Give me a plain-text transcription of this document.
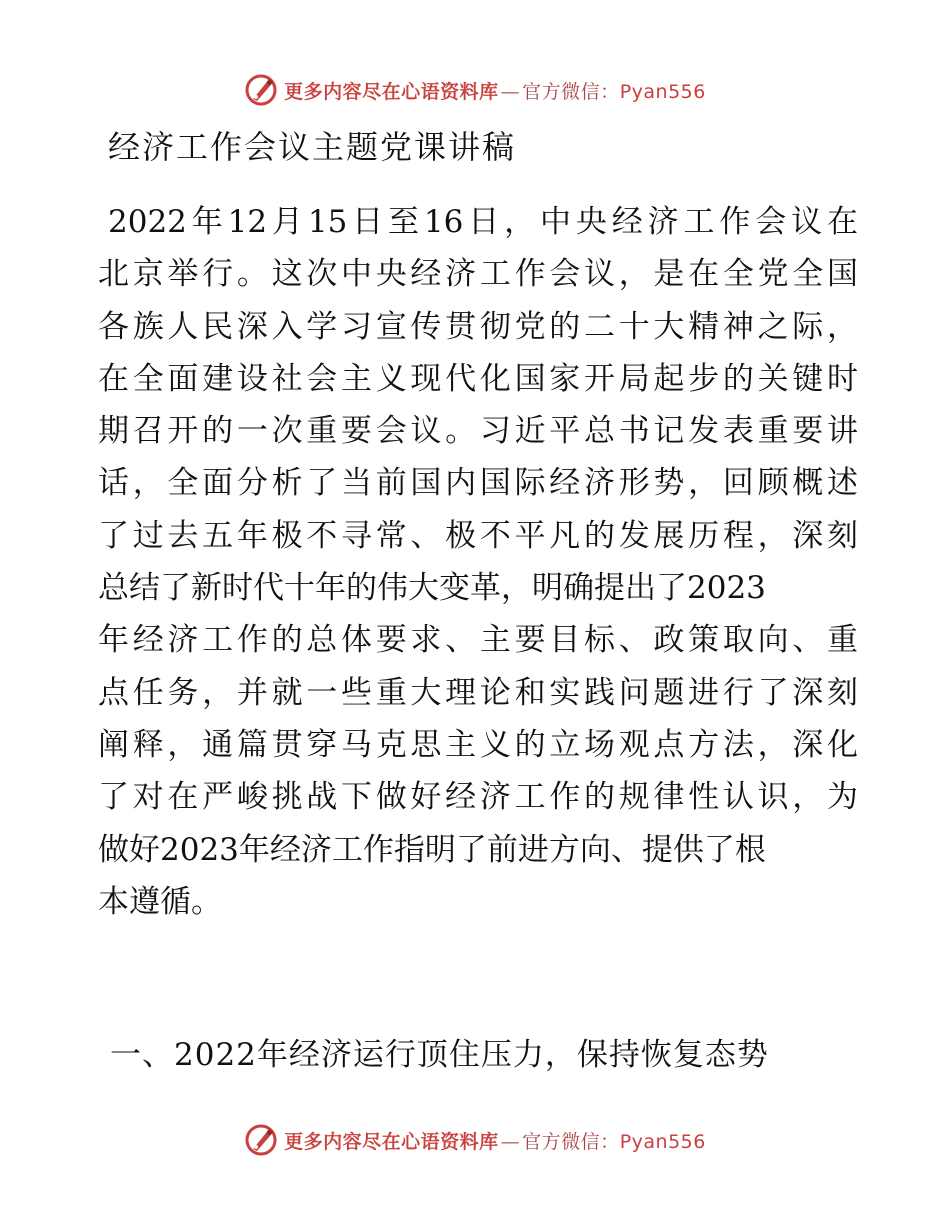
更多内容尽在心语资料库 — 官方微信：Pyan556
经济工作会议主题党课讲稿
2022年12月15日至16日，中央经济工作会议在
北京举行。这次中央经济工作会议，是在全党全国
各族人民深入学习宣传贯彻党的二十大精神之际，
在全面建设社会主义现代化国家开局起步的关键时
期召开的一次重要会议。习近平总书记发表重要讲
话，全面分析了当前国内国际经济形势，回顾概述
了过去五年极不寻常、极不平凡的发展历程，深刻
总结了新时代十年的伟大变革，明确提出了2023
年经济工作的总体要求、主要目标、政策取向、重
点任务，并就一些重大理论和实践问题进行了深刻
阐释，通篇贯穿马克思主义的立场观点方法，深化
了对在严峻挑战下做好经济工作的规律性认识，为
做好2023年经济工作指明了前进方向、提供了根
本遵循。
一、2022年经济运行顶住压力，保持恢复态势
更多内容尽在心语资料库 — 官方微信：Pyan556
